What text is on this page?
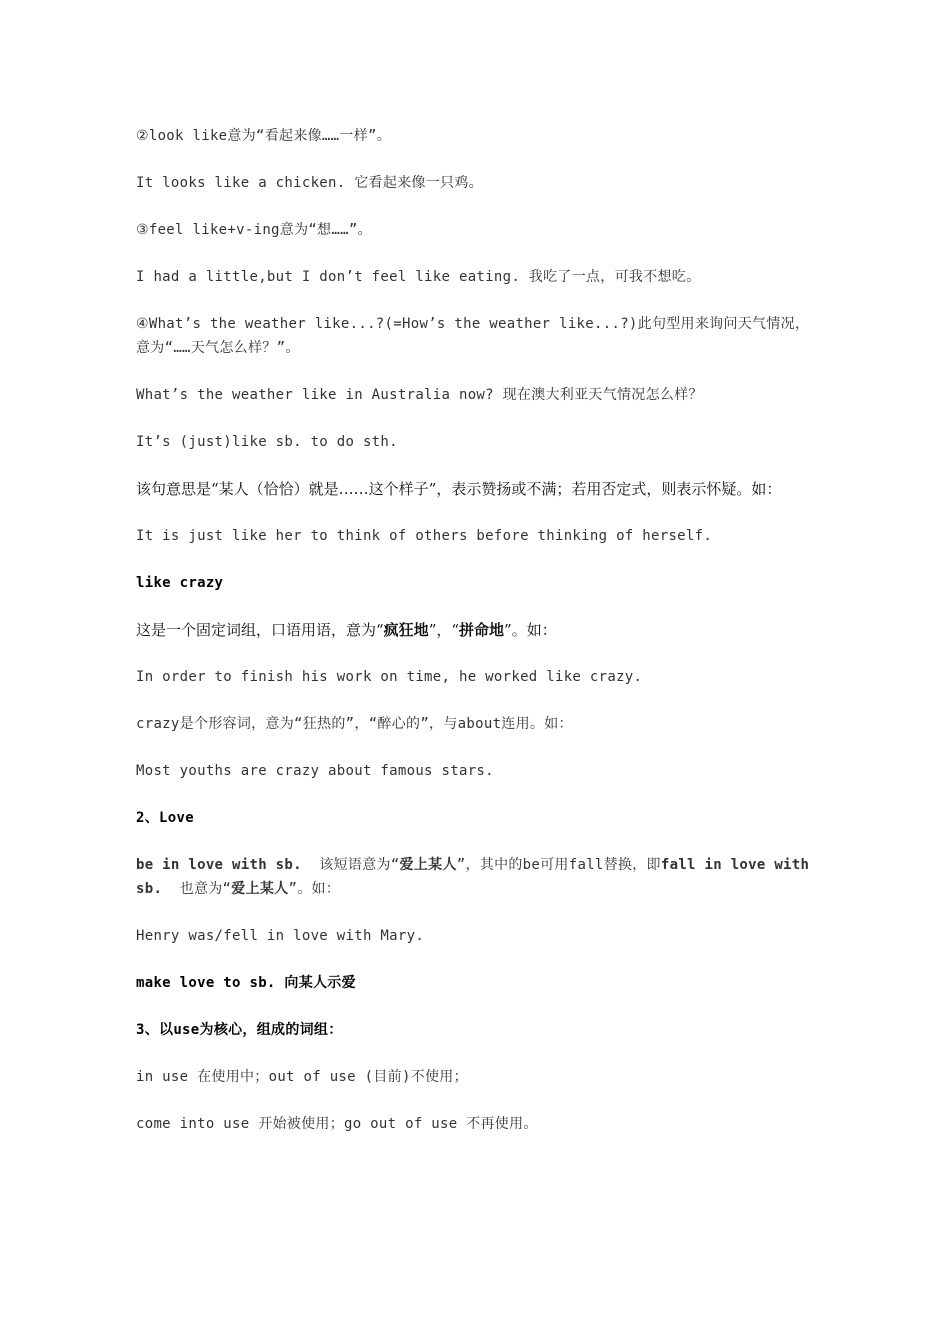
②look like意为“看起来像……一样”。

It looks like a chicken. 它看起来像一只鸡。

③feel like+v-ing意为“想……”。

I had a little,but I don’t feel like eating. 我吃了一点，可我不想吃。

④What’s the weather like...?(=How’s the weather like...?)此句型用来询问天气情况，意为“……天气怎么样？”。

What’s the weather like in Australia now? 现在澳大利亚天气情况怎么样？

It’s (just)like sb. to do sth.

该句意思是“某人（恰恰）就是……这个样子”，表示赞扬或不满；若用否定式，则表示怀疑。如：

It is just like her to think of others before thinking of herself.

like crazy

这是一个固定词组，口语用语，意为“疯狂地”，“拼命地”。如：

In order to finish his work on time, he worked like crazy.

crazy是个形容词，意为“狂热的”，“醉心的”，与about连用。如：

Most youths are crazy about famous stars.

2、Love

be in love with sb.  该短语意为“爱上某人”，其中的be可用fall替换，即fall in love with sb.  也意为“爱上某人”。如：

Henry was/fell in love with Mary.

make love to sb. 向某人示爱

3、以use为核心，组成的词组：

in use 在使用中；out of use (目前)不使用；

come into use 开始被使用；go out of use 不再使用。
